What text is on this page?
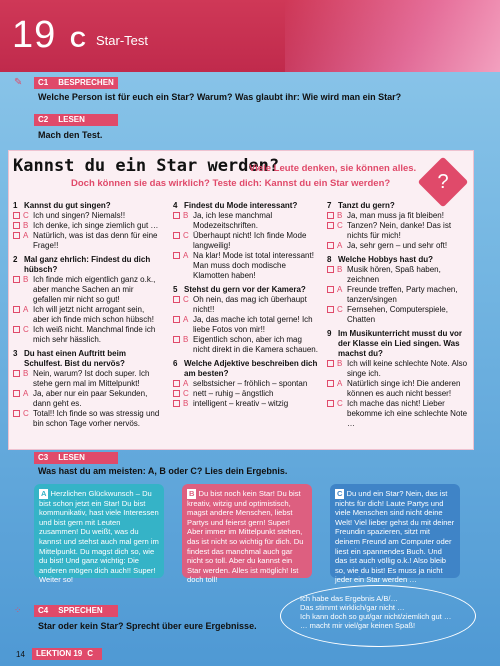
19 C Star-Test
✎	C1 BESPRECHEN
Welche Person ist für euch ein Star? Warum? Was glaubt ihr: Wie wird man ein Star?
C2 LESEN
Mach den Test.
Kannst du ein Star werden?
Viele Leute denken, sie können alles.
Doch können sie das wirklich? Teste dich: Kannst du ein Star werden?	?
1 Kannst du gut singen?
C Ich und singen? Niemals!!
B Ich denke, ich singe ziemlich gut …
A Natürlich, was ist das denn für eine Frage!!
2 Mal ganz ehrlich: Findest du dich hübsch?
B Ich finde mich eigentlich ganz o.k., aber manche Sachen an mir gefallen mir nicht so gut!
A Ich will jetzt nicht arrogant sein, aber ich finde mich schon hübsch!
C Ich weiß nicht. Manchmal finde ich mich sehr hässlich.
3 Du hast einen Auftritt beim Schulfest. Bist du nervös?
B Nein, warum? Ist doch super. Ich stehe gern mal im Mittelpunkt!
A Ja, aber nur ein paar Sekunden, dann geht es.
C Total!! Ich finde so was stressig und bin schon Tage vorher nervös.
4 Findest du Mode interessant?
B Ja, ich lese manchmal Modezeitschriften.
C Überhaupt nicht! Ich finde Mode langweilig!
A Na klar! Mode ist total interessant! Man muss doch modische Klamotten haben!
5 Stehst du gern vor der Kamera?
C Oh nein, das mag ich überhaupt nicht!!
A Ja, das mache ich total gerne! Ich liebe Fotos von mir!!
B Eigentlich schon, aber ich mag nicht direkt in die Kamera schauen.
6 Welche Adjektive beschreiben dich am besten?
A selbstsicher – fröhlich – spontan
C nett – ruhig – ängstlich
B intelligent – kreativ – witzig
7 Tanzt du gern?
B Ja, man muss ja fit bleiben!
C Tanzen? Nein, danke! Das ist nichts für mich!
A Ja, sehr gern – und sehr oft!
8 Welche Hobbys hast du?
B Musik hören, Spaß haben, zeichnen
A Freunde treffen, Party machen, tanzen/singen
C Fernsehen, Computerspiele, Chatten
9 Im Musikunterricht musst du vor der Klasse ein Lied singen. Was machst du?
B Ich will keine schlechte Note. Also singe ich.
A Natürlich singe ich! Die anderen können es auch nicht besser!
C Ich mache das nicht! Lieber bekomme ich eine schlechte Note …
C3 LESEN
Was hast du am meisten: A, B oder C? Lies dein Ergebnis.
A Herzlichen Glückwunsch – Du bist schon jetzt ein Star! Du bist kommunikativ, hast viele Interessen und bist gern mit Leuten zusammen! Du weißt, was du kannst und stehst auch mal gern im Mittelpunkt. Du magst dich so, wie du bist! Und ganz wichtig: Die anderen mögen dich auch!! Super! Weiter so!
B Du bist noch kein Star! Du bist kreativ, witzig und optimistisch, magst andere Menschen, liebst Partys und feierst gern! Super! Aber immer im Mittelpunkt stehen, das ist nicht so wichtig für dich. Du findest das manchmal auch gar nicht so toll. Aber du kannst ein Star werden. Alles ist möglich! Ist doch toll!
C Du und ein Star? Nein, das ist nichts für dich! Laute Partys und viele Menschen sind nicht deine Welt! Viel lieber gehst du mit deiner Freundin spazieren, sitzt mit deinem Freund am Computer oder liest ein spannendes Buch. Und das ist auch völlig o.k.! Also bleib so, wie du bist! Es muss ja nicht jeder ein Star werden …
⁘	C4 SPRECHEN
Star oder kein Star? Sprecht über eure Ergebnisse.
Ich habe das Ergebnis A/B/…
Das stimmt wirklich/gar nicht …
Ich kann doch so gut/gar nicht/ziemlich gut …
… macht mir viel/gar keinen Spaß!
14	LEKTION 19 C
